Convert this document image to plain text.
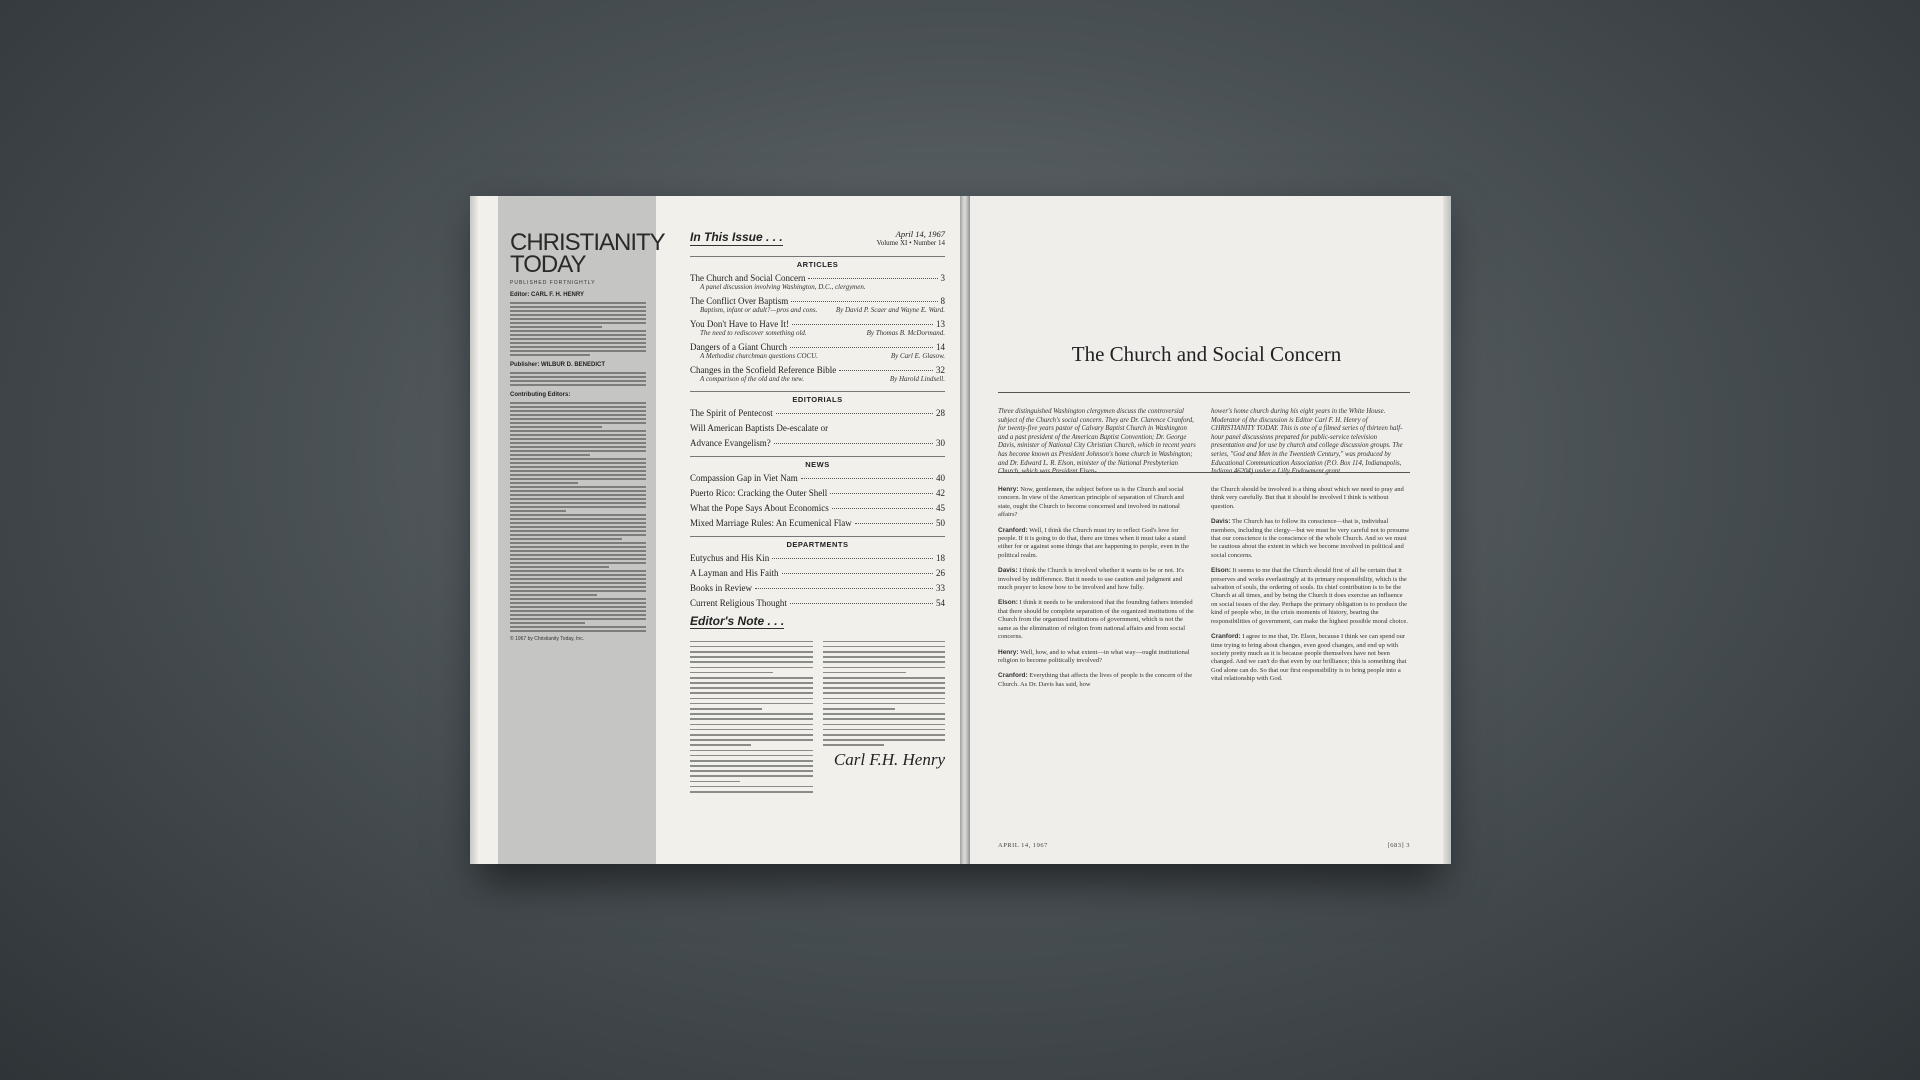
CHRISTIANITY
TODAY
PUBLISHED FORTNIGHTLY
Editor: CARL F. H. HENRY
Publisher: WILBUR D. BENEDICT
Contributing Editors:
© 1967 by Christianity Today, Inc.
In This Issue . . .	April 14, 1967
Volume XI • Number 14
ARTICLES
The Church and Social Concern	3
A panel discussion involving Washington, D.C., clergymen.
The Conflict Over Baptism	8
Baptism, infant or adult?—pros and cons.	By David P. Scaer and Wayne E. Ward.
You Don't Have to Have It!	13
The need to rediscover something old.	By Thomas B. McDormand.
Dangers of a Giant Church	14
A Methodist churchman questions COCU.	By Carl E. Glasow.
Changes in the Scofield Reference Bible	32
A comparison of the old and the new.	By Harold Lindsell.
EDITORIALS
The Spirit of Pentecost	28
Will American Baptists De-escalate or
Advance Evangelism?	30
NEWS
Compassion Gap in Viet Nam	40
Puerto Rico: Cracking the Outer Shell	42
What the Pope Says About Economics	45
Mixed Marriage Rules: An Ecumenical Flaw	50
DEPARTMENTS
Eutychus and His Kin	18
A Layman and His Faith	26
Books in Review	33
Current Religious Thought	54
Editor's Note . . .
Carl F.H. Henry
The Church and Social Concern
Three distinguished Washington clergymen discuss the controversial subject of the Church's social concern. They are Dr. Clarence Cranford, for twenty-five years pastor of Calvary Baptist Church in Washington and a past president of the American Baptist Convention; Dr. George Davis, minister of National City Christian Church, which in recent years has become known as President Johnson's home church in Washington; and Dr. Edward L. R. Elson, minister of the National Presbyterian
hower's home church during his eight years in the White House. Moderator of the discussion is Editor Carl F. H. Henry of CHRISTIANITY TODAY. This is one of a filmed series of thirteen half-hour panel discussions prepared for public-service television presentation and for use by church and college discussion groups. The series, "God and Men in the Twentieth Century," was produced by Educational Communication Association (P.O. Box 114, Indianapolis,
Henry: Now, gentlemen, the subject before us is the Church and social concern. In view of the American principle of separation of Church and state, ought the Church to become concerned and involved in national affairs?
Cranford: Well, I think the Church must try to reflect God's love for people. If it is going to do that, there are times when it must take a stand either for or against some things that are happening to people, even in the political realm.
Davis: I think the Church is involved whether it wants to be or not. It's involved by indifference. But it needs to use caution and judgment and much prayer to know how to be involved and how fully.
Elson: I think it needs to be understood that the founding fathers intended that there should be complete separation of the organized institutions of the Church from the organized institutions of government, which is not the same as the elimination of religion from national affairs and from social concerns.
Henry: Well, how, and to what extent—in what way—ought institutional religion to become politically involved?
Cranford: Everything that affects the lives of people is the concern of the Church. As Dr. Davis has said, how
the Church should be involved is a thing about which we need to pray and think very carefully. But that it should be involved I think is without question.
Davis: The Church has to follow its conscience—that is, individual members, including the clergy—but we must be very careful not to presume that our conscience is the conscience of the whole Church. And so we must be cautious about the extent in which we become involved in political and social concerns.
Elson: It seems to me that the Church should first of all be certain that it preserves and works everlastingly at its primary responsibility, which is the salvation of souls, the ordering of souls. Its chief contribution is to be the Church at all times, and by being the Church it does exercise an influence on social issues of the day. Perhaps the primary obligation is to produce the kind of people who, in the crisis moments of history, bearing the responsibilities of government, can make the highest possible moral choice.
Cranford: I agree to me that, Dr. Elson, because I think we can spend our time trying to bring about changes, even good changes, and end up with society pretty much as it is because people themselves have not been changed. And we can't do that even by our brilliance; this is something that God alone can do. So that our first responsibility is to bring people into a vital relationship with God.
APRIL 14, 1967	[683] 3
